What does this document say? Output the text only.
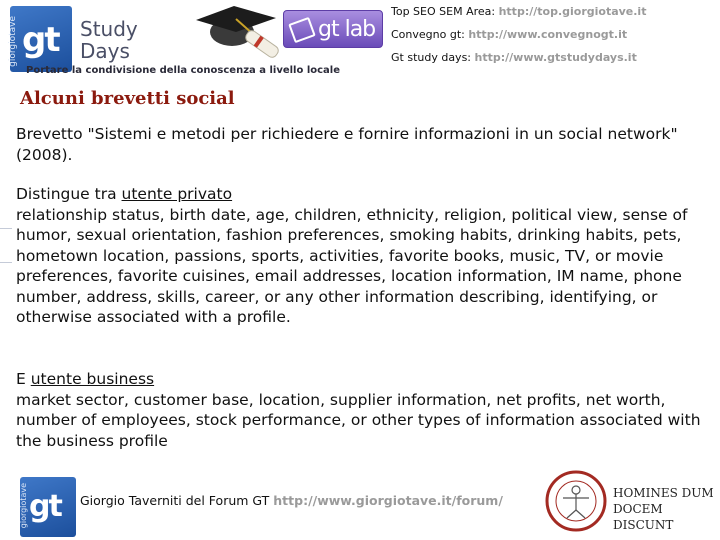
giorgiotave gt Study
Days
Portare la condivisione della conoscenza a livello locale
gt lab
Top SEO SEM Area: http://top.giorgiotave.it
Convegno gt: http://www.convegnogt.it
Gt study days: http://www.gtstudydays.it
Alcuni brevetti social
Brevetto "Sistemi e metodi per richiedere e fornire informazioni in un social network" (2008).
Distingue tra utente privato
relationship status, birth date, age, children, ethnicity, religion, political view, sense of humor, sexual orientation, fashion preferences, smoking habits, drinking habits, pets, hometown location, passions, sports, activities, favorite books, music, TV, or movie preferences, favorite cuisines, email addresses, location information, IM name, phone number, address, skills, career, or any other information describing, identifying, or otherwise associated with a profile.
E utente business
market sector, customer base, location, supplier information, net profits, net worth, number of employees, stock performance, or other types of information associated with the business profile
giorgiotave gt Giorgio Taverniti del Forum GT http://www.giorgiotave.it/forum/	HOMINES DUM
DOCEM DISCUNT
